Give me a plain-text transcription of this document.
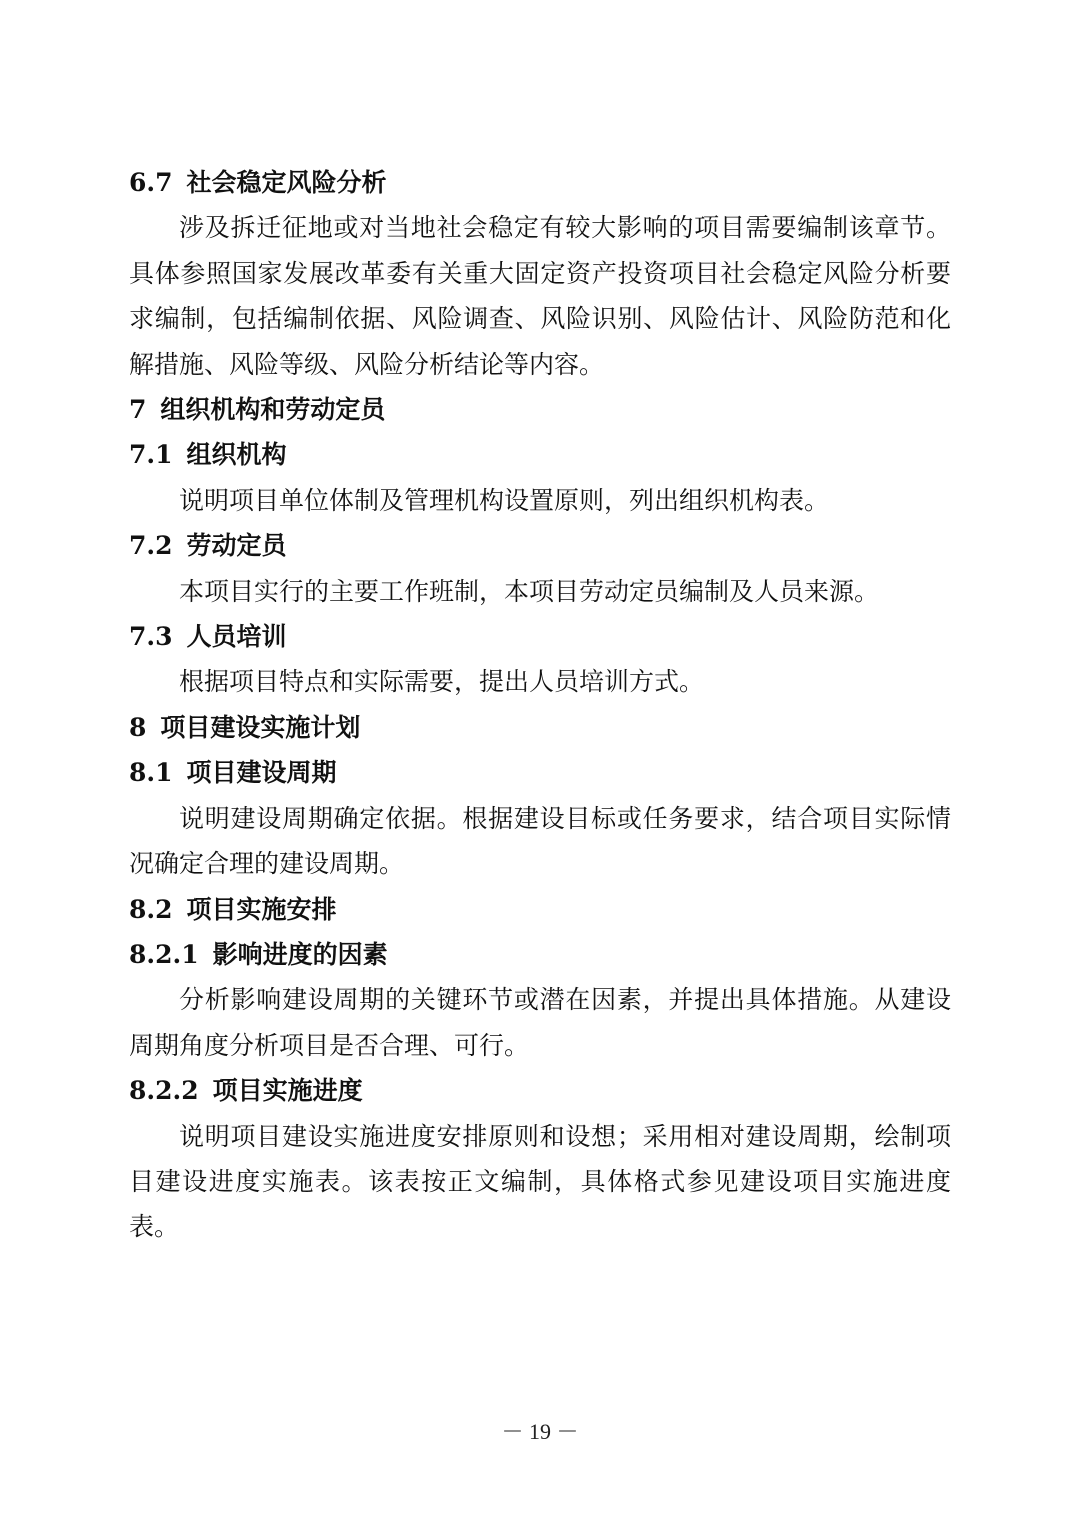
6.7 社会稳定风险分析

涉及拆迁征地或对当地社会稳定有较大影响的项目需要编制该章节。具体参照国家发展改革委有关重大固定资产投资项目社会稳定风险分析要求编制，包括编制依据、风险调查、风险识别、风险估计、风险防范和化解措施、风险等级、风险分析结论等内容。

7 组织机构和劳动定员
7.1 组织机构

说明项目单位体制及管理机构设置原则，列出组织机构表。

7.2 劳动定员

本项目实行的主要工作班制，本项目劳动定员编制及人员来源。

7.3 人员培训

根据项目特点和实际需要，提出人员培训方式。

8 项目建设实施计划
8.1 项目建设周期

说明建设周期确定依据。根据建设目标或任务要求，结合项目实际情况确定合理的建设周期。

8.2 项目实施安排
8.2.1 影响进度的因素

分析影响建设周期的关键环节或潜在因素，并提出具体措施。从建设周期角度分析项目是否合理、可行。

8.2.2 项目实施进度

说明项目建设实施进度安排原则和设想；采用相对建设周期，绘制项目建设进度实施表。该表按正文编制，具体格式参见建设项目实施进度表。

－ 19 －
